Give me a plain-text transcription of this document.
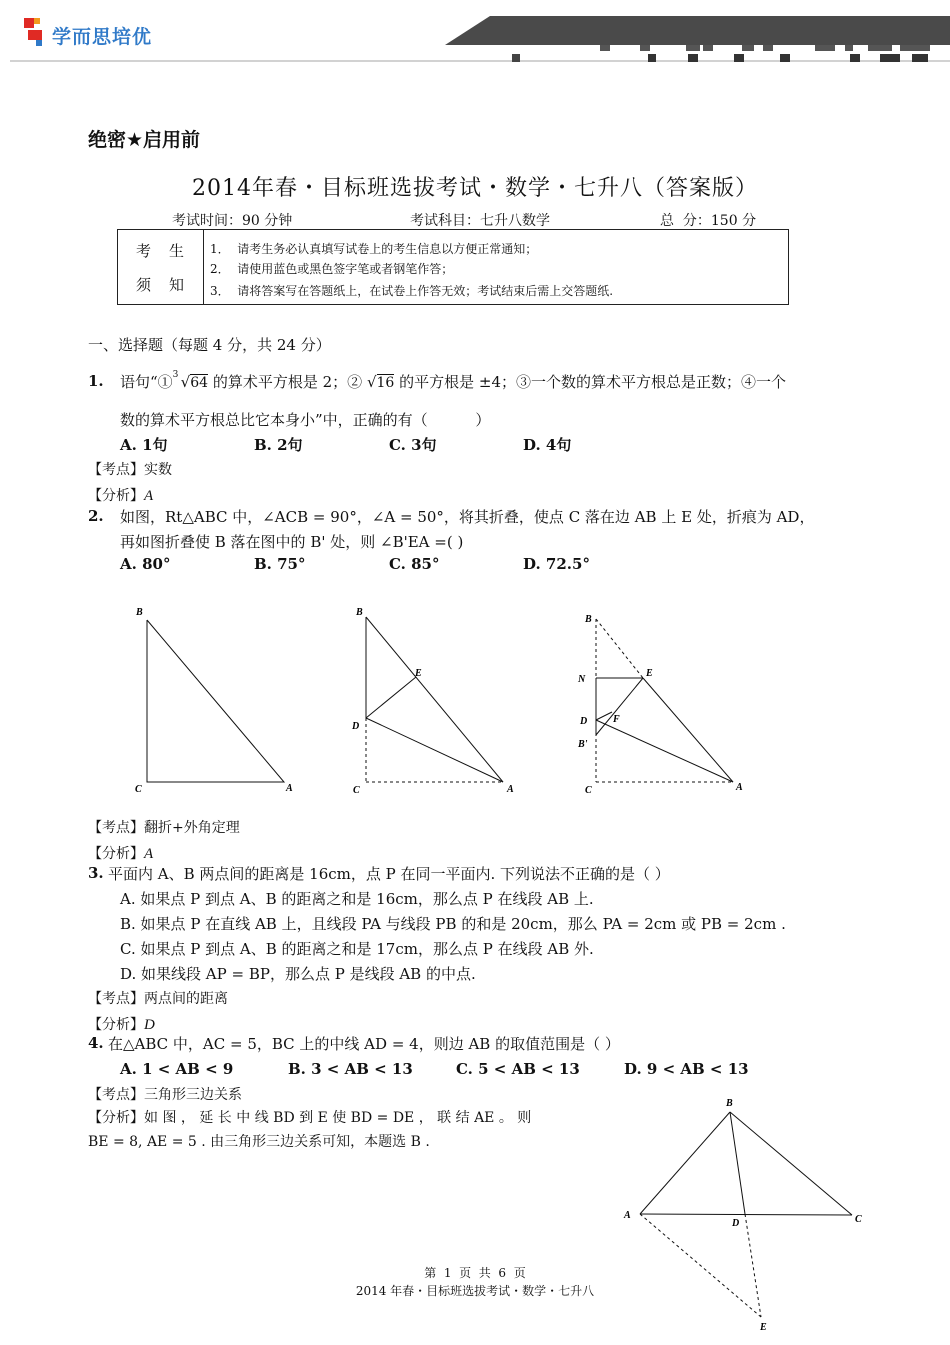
学而思培优
绝密★启用前
2014年春・目标班选拔考试・数学・七升八（答案版）
考试时间：90 分钟	考试科目：七升八数学	总  分：150 分
考生
须知
1．  请考生务必认真填写试卷上的考生信息以方便正常通知；
2．  请使用蓝色或黑色签字笔或者钢笔作答；
3．  请将答案写在答题纸上，在试卷上作答无效；考试结束后需上交答题纸.
一、选择题（每题 4 分，共 24 分）
1. 语句“① 3 √64 的算术平方根是 2；② √16 的平方根是 ±4；③一个数的算术平方根总是正数；④一个
数的算术平方根总比它本身小”中，正确的有（          ）
A. 1句	B. 2句	C. 3句	D. 4句
【考点】实数
【分析】A
2. 如图，Rt△ABC 中，∠ACB = 90°，∠A = 50°，将其折叠，使点 C 落在边 AB 上 E 处，折痕为 AD，
再如图折叠使 B 落在图中的 B' 处，则 ∠B'EA =( )
A. 80°	B. 75°	C. 85°	D. 72.5°
B
C	A
B
E
D
C	A
B
N
E
D	F
B'
C	A
【考点】翻折+外角定理
【分析】A
3. 平面内 A、B 两点间的距离是 16cm，点 P 在同一平面内. 下列说法不正确的是（ ）
A. 如果点 P 到点 A、B 的距离之和是 16cm，那么点 P 在线段 AB 上.
B. 如果点 P 在直线 AB 上，且线段 PA 与线段 PB 的和是 20cm，那么 PA = 2cm 或 PB = 2cm .
C. 如果点 P 到点 A、B 的距离之和是 17cm，那么点 P 在线段 AB 外.
D. 如果线段 AP = BP，那么点 P 是线段 AB 的中点.
【考点】两点间的距离
【分析】D
4. 在△ABC 中，AC = 5，BC 上的中线 AD = 4，则边 AB 的取值范围是（ ）
A. 1 < AB < 9	B. 3 < AB < 13	C. 5 < AB < 13	D. 9 < AB < 13
【考点】三角形三边关系
【分析】如 图 ， 延 长 中 线 BD 到 E 使 BD = DE ， 联 结 AE 。 则
BE = 8, AE = 5 . 由三角形三边关系可知，本题选 B .
B
A
D	C
E
第  1  页  共  6  页
2014 年春・目标班选拔考试・数学・七升八
